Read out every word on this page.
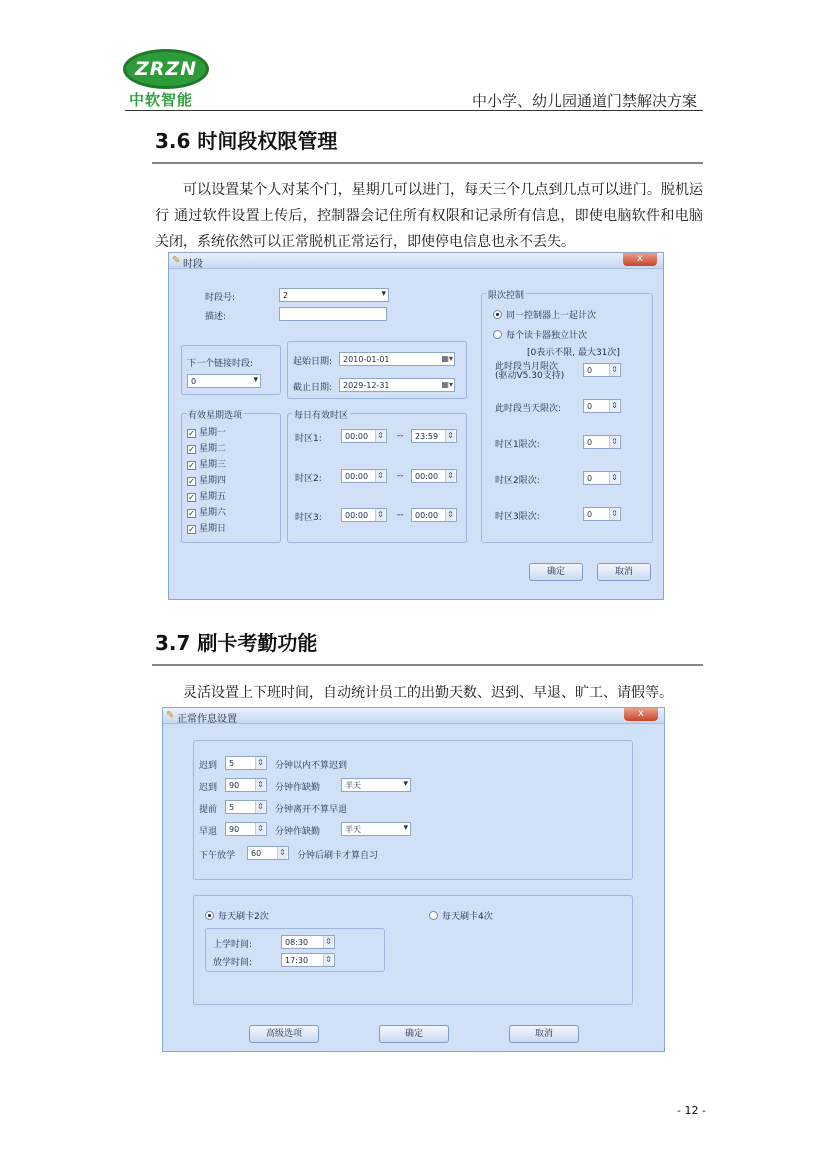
ZRZN
中软智能	中小学、幼儿园通道门禁解决方案
3.6 时间段权限管理
可以设置某个人对某个门，星期几可以进门，每天三个几点到几点可以进门。脱机运行 通过软件设置上传后，控制器会记住所有权限和记录所有信息，即使电脑软件和电脑关闭，系统依然可以正常脱机正常运行，即使停电信息也永不丢失。
✎ 时段
x
时段号:	2 ▾
描述:
下一个链接时段:
0 ▾
起始日期:	2010-01-01 ▦▾
截止日期:	2029-12-31 ▦▾
有效星期选项
✓ 星期一
✓ 星期二
✓ 星期三
✓ 星期四
✓ 星期五
✓ 星期六
✓ 星期日
每日有效时区
时区1:	00:00 ⇕	--	23:59 ⇕
时区2:	00:00 ⇕	--	00:00 ⇕
时区3:	00:00 ⇕	--	00:00 ⇕
限次控制
同一控制器上一起计次
每个读卡器独立计次
[0表示不限, 最大31次]
此时段当月限次
(驱动V5.30支持)
0 ⇕
此时段当天限次:	0 ⇕
时区1限次:	0 ⇕
时区2限次:	0 ⇕
时区3限次:	0 ⇕
确定	取消
3.7 刷卡考勤功能
灵活设置上下班时间，自动统计员工的出勤天数、迟到、早退、旷工、请假等。
✎ 正常作息设置
x
迟到	5 ⇕	分钟以内不算迟到
迟到	90 ⇕	分钟作缺勤	半天 ▾
提前	5 ⇕	分钟离开不算早退
早退	90 ⇕	分钟作缺勤	半天 ▾
下午放学	60 ⇕	分钟后刷卡才算自习
每天刷卡2次	每天刷卡4次
上学时间:	08:30 ⇕
放学时间:	17:30 ⇕
高级选项	确定	取消
- 12 -
